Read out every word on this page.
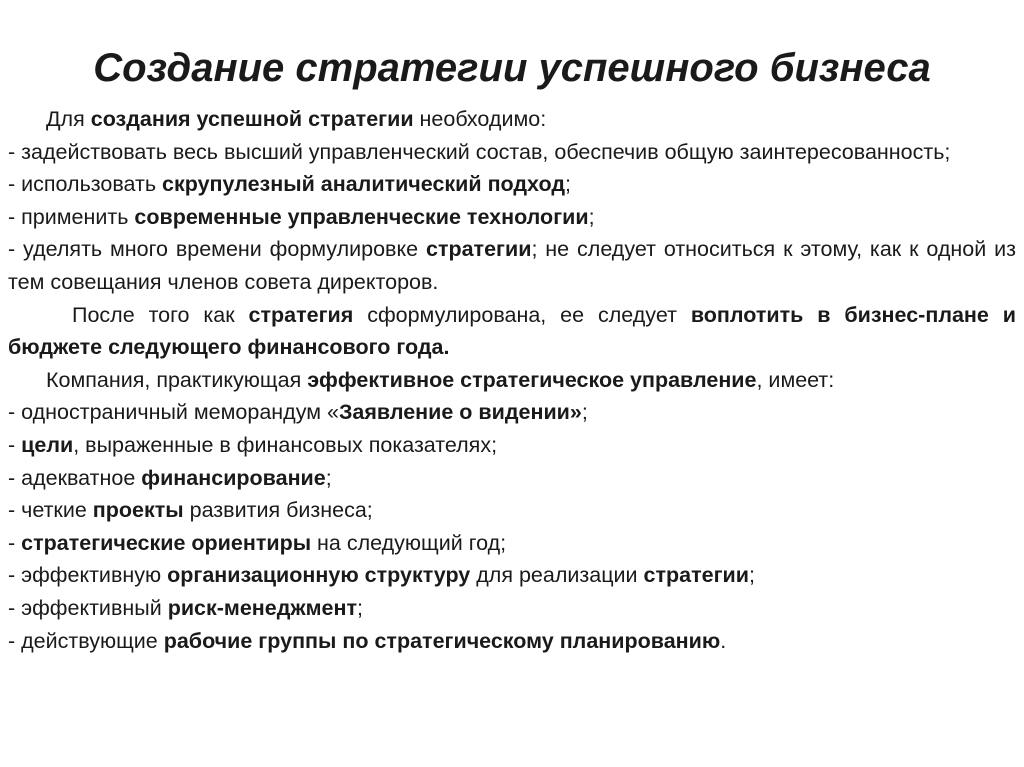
Создание стратегии успешного бизнеса

Для создания успешной стратегии необходимо:

- задействовать весь высший управленческий состав, обеспечив общую заинтересованность;

- использовать скрупулезный аналитический подход;

- применить современные управленческие технологии;

- уделять много времени формулировке стратегии; не следует относиться к этому, как к одной из тем совещания членов совета директоров.

После того как стратегия сформулирована, ее следует воплотить в бизнес-плане и бюджете следующего финансового года.

Компания, практикующая эффективное стратегическое управление, имеет:

- одностраничный меморандум «Заявление о видении»;

- цели, выраженные в финансовых показателях;

- адекватное финансирование;

- четкие проекты развития бизнеса;

- стратегические ориентиры на следующий год;

- эффективную организационную структуру для реализации стратегии;

- эффективный риск-менеджмент;

- действующие рабочие группы по стратегическому планированию.
